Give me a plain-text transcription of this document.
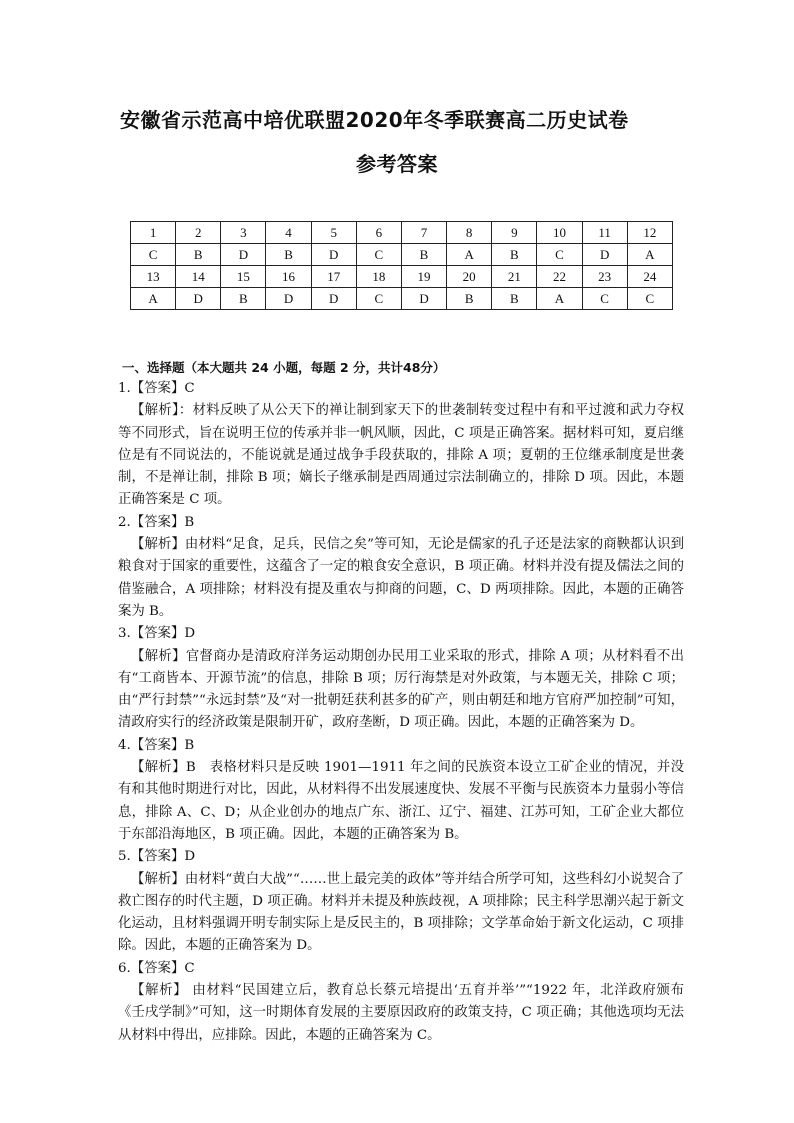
安徽省示范高中培优联盟2020年冬季联赛高二历史试卷
参考答案
1	2	3	4	5	6	7	8	9	10	11	12
C	B	D	B	D	C	B	A	B	C	D	A
13	14	15	16	17	18	19	20	21	22	23	24
A	D	B	D	D	C	D	B	B	A	C	C
一、选择题（本大题共 24 小题，每题 2 分，共计48分）

1.【答案】C

【解析】：材料反映了从公天下的禅让制到家天下的世袭制转变过程中有和平过渡和武力夺权等不同形式，旨在说明王位的传承并非一帆风顺，因此，C 项是正确答案。据材料可知，夏启继位是有不同说法的，不能说就是通过战争手段获取的，排除 A 项；夏朝的王位继承制度是世袭制，不是禅让制，排除 B 项；嫡长子继承制是西周通过宗法制确立的，排除 D 项。因此，本题正确答案是 C 项。

2.【答案】B

【解析】由材料“足食，足兵，民信之矣”等可知，无论是儒家的孔子还是法家的商鞅都认识到粮食对于国家的重要性，这蕴含了一定的粮食安全意识，B 项正确。材料并没有提及儒法之间的借鉴融合，A 项排除；材料没有提及重农与抑商的问题，C、D 两项排除。因此，本题的正确答案为 B。

3.【答案】D

【解析】官督商办是清政府洋务运动期创办民用工业采取的形式，排除 A 项；从材料看不出有“工商皆本、开源节流”的信息，排除 B 项；厉行海禁是对外政策，与本题无关，排除 C 项；由“严行封禁”“永远封禁”及“对一批朝廷获利甚多的矿产，则由朝廷和地方官府严加控制”可知，清政府实行的经济政策是限制开矿，政府垄断，D 项正确。因此，本题的正确答案为 D。

4.【答案】B

【解析】B　表格材料只是反映 1901—1911 年之间的民族资本设立工矿企业的情况，并没有和其他时期进行对比，因此，从材料得不出发展速度快、发展不平衡与民族资本力量弱小等信息，排除 A、C、D；从企业创办的地点广东、浙江、辽宁、福建、江苏可知，工矿企业大都位于东部沿海地区，B 项正确。因此，本题的正确答案为 B。

5.【答案】D

【解析】由材料“黄白大战”“……世上最完美的政体”等并结合所学可知，这些科幻小说契合了救亡图存的时代主题，D 项正确。材料并未提及种族歧视，A 项排除；民主科学思潮兴起于新文化运动，且材料强调开明专制实际上是反民主的，B 项排除；文学革命始于新文化运动，C 项排除。因此，本题的正确答案为 D。

6.【答案】C

【解析】 由材料“民国建立后，教育总长蔡元培提出‘五育并举’”“1922 年，北洋政府颁布《壬戌学制》”可知，这一时期体育发展的主要原因政府的政策支持，C 项正确；其他选项均无法从材料中得出，应排除。因此，本题的正确答案为 C。
